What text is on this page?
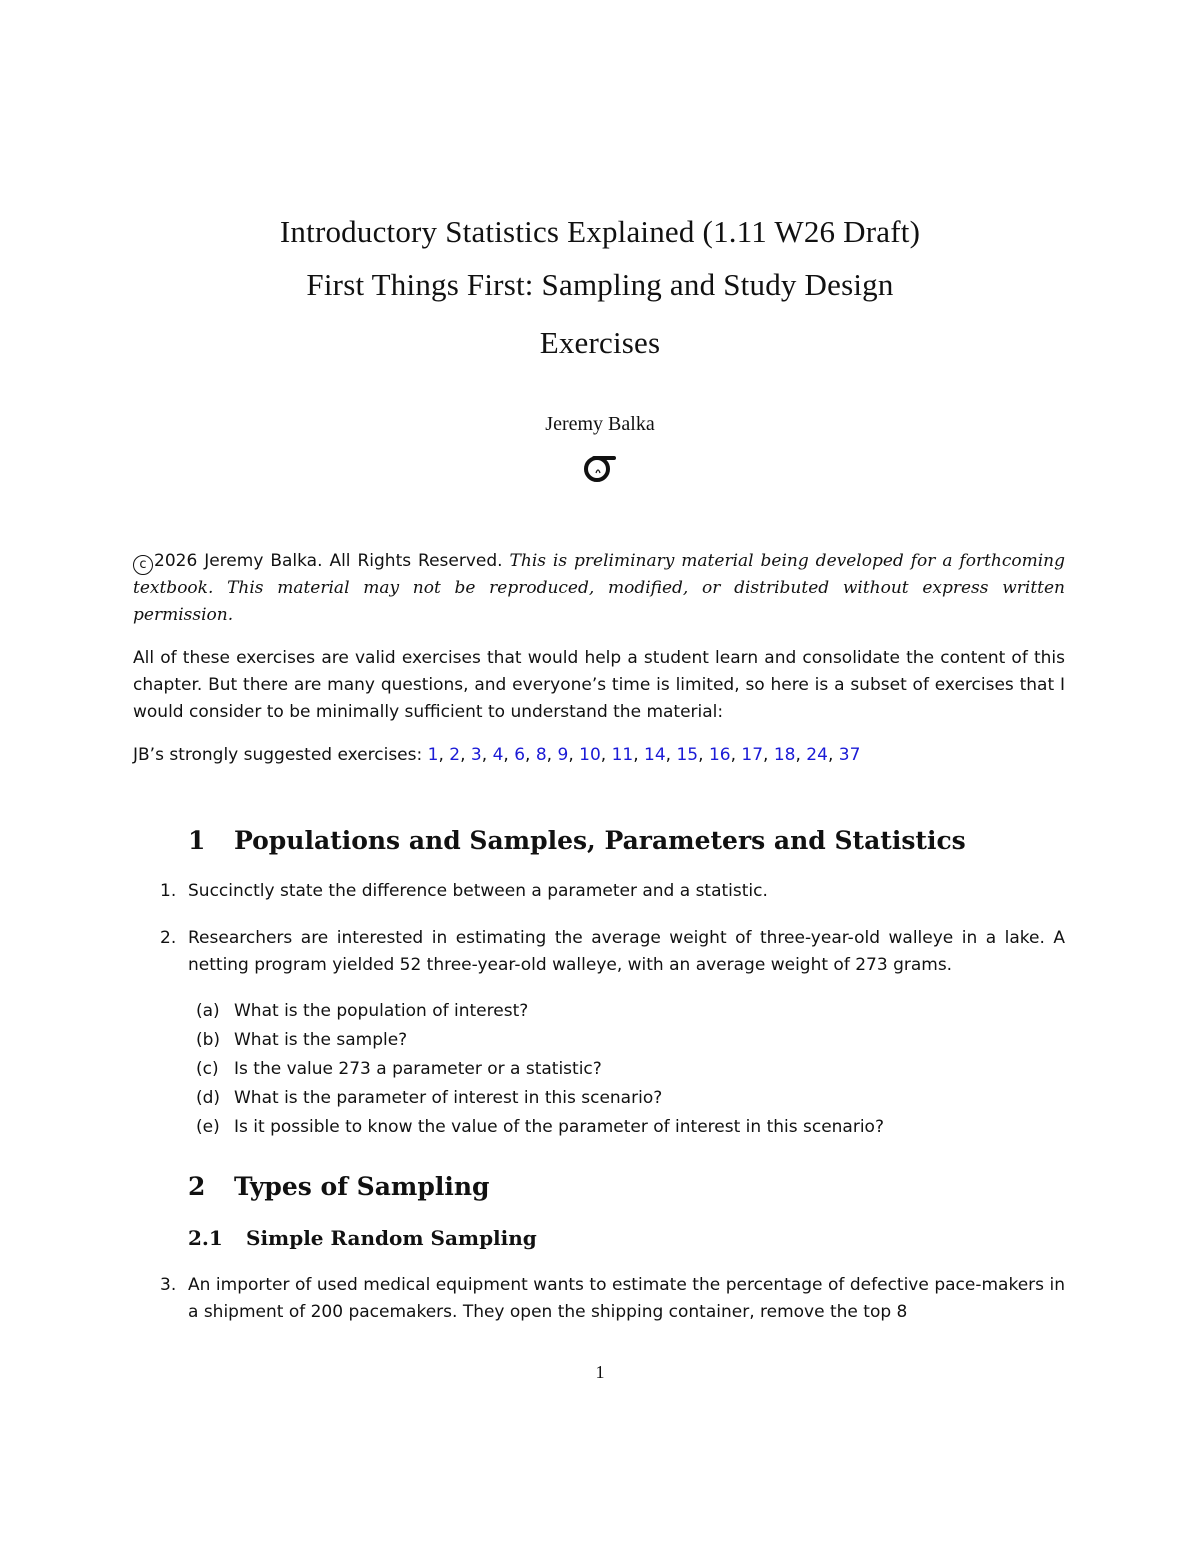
Introductory Statistics Explained (1.11 W26 Draft)
First Things First: Sampling and Study Design
Exercises
Jeremy Balka

c 2026 Jeremy Balka. All Rights Reserved. This is preliminary material being developed for a forthcoming textbook. This material may not be reproduced, modified, or distributed without express written permission.

All of these exercises are valid exercises that would help a student learn and consolidate the content of this chapter. But there are many questions, and everyone’s time is limited, so here is a subset of exercises that I would consider to be minimally sufficient to understand the material:

JB’s strongly suggested exercises: 1, 2, 3, 4, 6, 8, 9, 10, 11, 14, 15, 16, 17, 18, 24, 37

1 Populations and Samples, Parameters and Statistics
1. Succinctly state the difference between a parameter and a statistic.
2. Researchers are interested in estimating the average weight of three-year-old walleye in a lake. A netting program yielded 52 three-year-old walleye, with an average weight of 273 grams.
(a) What is the population of interest?
(b) What is the sample?
(c) Is the value 273 a parameter or a statistic?
(d) What is the parameter of interest in this scenario?
(e) Is it possible to know the value of the parameter of interest in this scenario?
2 Types of Sampling
2.1 Simple Random Sampling
3. An importer of used medical equipment wants to estimate the percentage of defective pace-makers in a shipment of 200 pacemakers. They open the shipping container, remove the top 8
1
